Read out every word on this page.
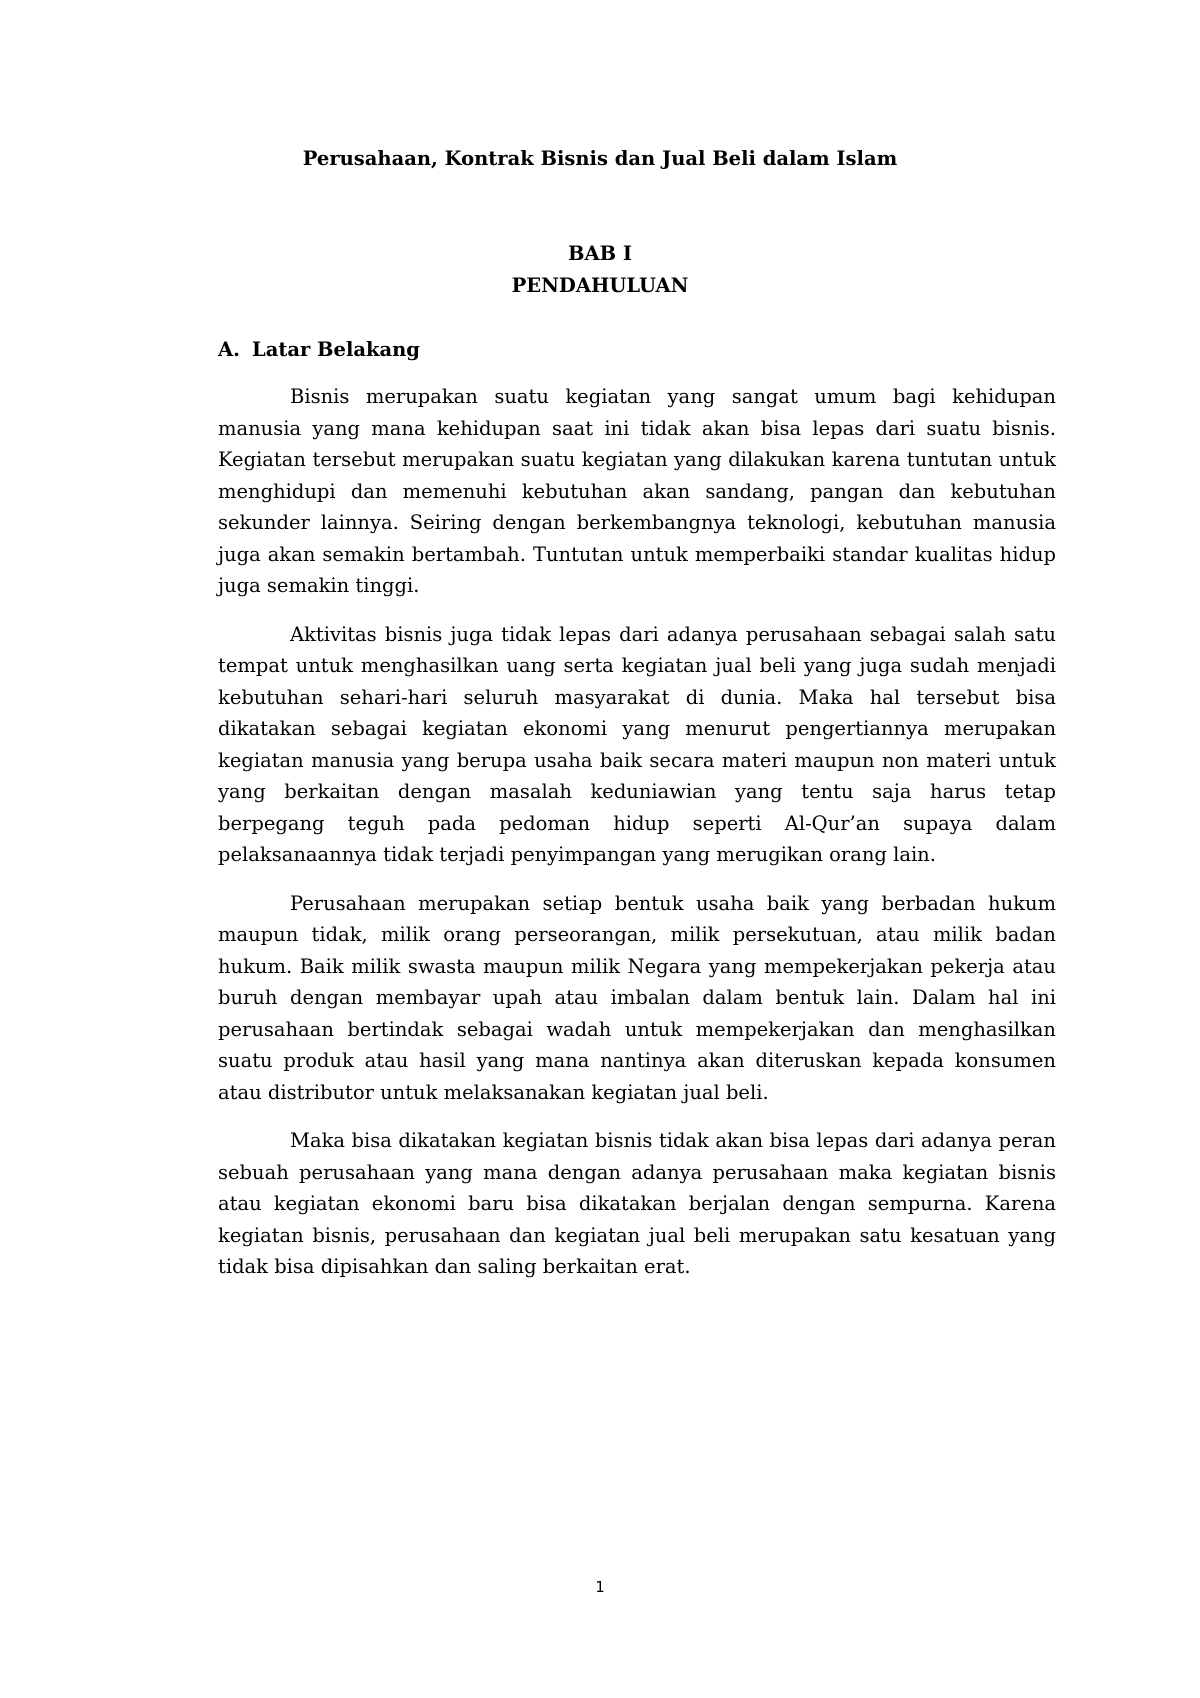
Perusahaan, Kontrak Bisnis dan Jual Beli dalam Islam
BAB I
PENDAHULUAN
A. Latar Belakang

Bisnis merupakan suatu kegiatan yang sangat umum bagi kehidupan manusia yang mana kehidupan saat ini tidak akan bisa lepas dari suatu bisnis. Kegiatan tersebut merupakan suatu kegiatan yang dilakukan karena tuntutan untuk menghidupi dan memenuhi kebutuhan akan sandang, pangan dan kebutuhan sekunder lainnya. Seiring dengan berkembangnya teknologi, kebutuhan manusia juga akan semakin bertambah. Tuntutan untuk memperbaiki standar kualitas hidup juga semakin tinggi.

Aktivitas bisnis juga tidak lepas dari adanya perusahaan sebagai salah satu tempat untuk menghasilkan uang serta kegiatan jual beli yang juga sudah menjadi kebutuhan sehari-hari seluruh masyarakat di dunia. Maka hal tersebut bisa dikatakan sebagai kegiatan ekonomi yang menurut pengertiannya merupakan kegiatan manusia yang berupa usaha baik secara materi maupun non materi untuk yang berkaitan dengan masalah keduniawian yang tentu saja harus tetap berpegang teguh pada pedoman hidup seperti Al-Qur’an supaya dalam pelaksanaannya tidak terjadi penyimpangan yang merugikan orang lain.

Perusahaan merupakan setiap bentuk usaha baik yang berbadan hukum maupun tidak, milik orang perseorangan, milik persekutuan, atau milik badan hukum. Baik milik swasta maupun milik Negara yang mempekerjakan pekerja atau buruh dengan membayar upah atau imbalan dalam bentuk lain. Dalam hal ini perusahaan bertindak sebagai wadah untuk mempekerjakan dan menghasilkan suatu produk atau hasil yang mana nantinya akan diteruskan kepada konsumen atau distributor untuk melaksanakan kegiatan jual beli.

Maka bisa dikatakan kegiatan bisnis tidak akan bisa lepas dari adanya peran sebuah perusahaan yang mana dengan adanya perusahaan maka kegiatan bisnis atau kegiatan ekonomi baru bisa dikatakan berjalan dengan sempurna. Karena kegiatan bisnis, perusahaan dan kegiatan jual beli merupakan satu kesatuan yang tidak bisa dipisahkan dan saling berkaitan erat.

1
